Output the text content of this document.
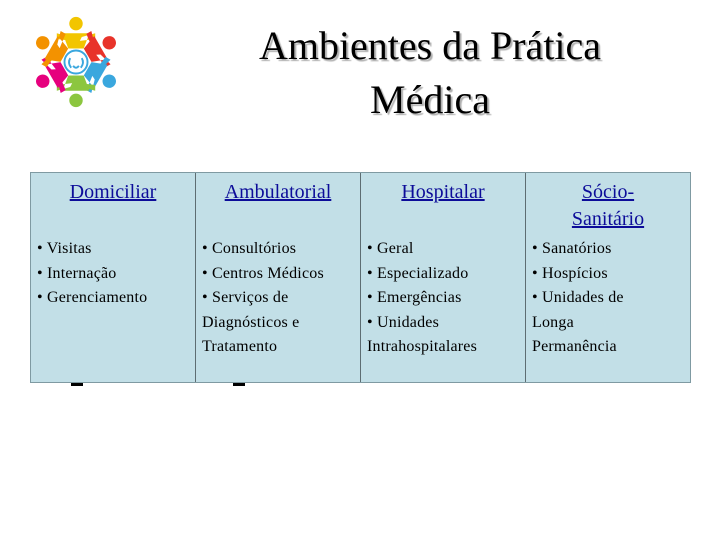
Ambientes da Prática
Médica
Domiciliar
• Visitas
• Internação
• Gerenciamento
Ambulatorial
• Consultórios
• Centros Médicos
• Serviços de
Diagnósticos e
Tratamento
Hospitalar
• Geral
• Especializado
• Emergências
• Unidades
Intrahospitalares
Sócio-
Sanitário
• Sanatórios
• Hospícios
• Unidades de
Longa
Permanência
